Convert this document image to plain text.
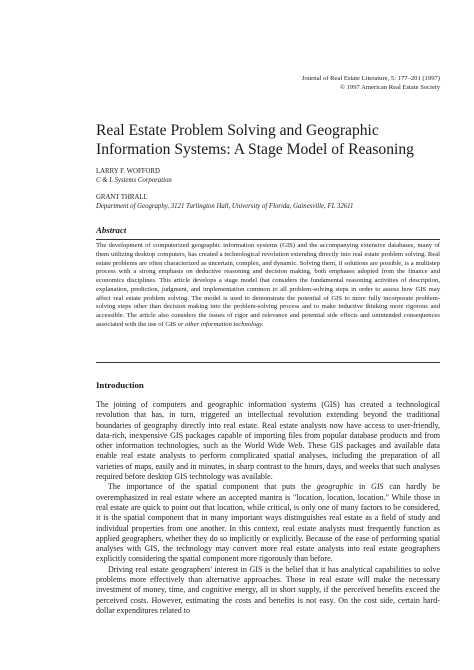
Journal of Real Estate Literature, 5: 177–201 (1997)
© 1997 American Real Estate Society
Real Estate Problem Solving and Geographic
Information Systems: A Stage Model of Reasoning
LARRY F. WOFFORD
C & L Systems Corporation
GRANT THRALL
Department of Geography, 3121 Turlington Hall, University of Florida, Gainesville, FL 32611
Abstract
The development of computerized geographic information systems (GIS) and the accompanying extensive databases, many of them utilizing desktop computers, has created a technological revolution extending directly into real estate problem solving. Real estate problems are often characterized as uncertain, complex, and dynamic. Solving them, if solutions are possible, is a multistep process with a strong emphasis on deductive reasoning and decision making, both emphases adopted from the finance and economics disciplines. This article develops a stage model that considers the fundamental reasoning activities of description, explanation, prediction, judgment, and implementation common to all problem-solving steps in order to assess how GIS may affect real estate problem solving. The model is used to demonstrate the potential of GIS to more fully incorporate problem-solving steps other than decision making into the problem-solving process and to make inductive thinking more rigorous and accessible. The article also considers the issues of rigor and relevance and potential side effects and unintended consequences associated with the use of GIS or other information technology.
Introduction

The joining of computers and geographic information systems (GIS) has created a technological revolution that has, in turn, triggered an intellectual revolution extending beyond the traditional boundaries of geography directly into real estate. Real estate analysts now have access to user-friendly, data-rich, inexpensive GIS packages capable of importing files from popular database products and from other information technologies, such as the World Wide Web. These GIS packages and available data enable real estate analysts to perform complicated spatial analyses, including the preparation of all varieties of maps, easily and in minutes, in sharp contrast to the hours, days, and weeks that such analyses required before desktop GIS technology was available.

The importance of the spatial component that puts the geographic in GIS can hardly be overemphasized in real estate where an accepted mantra is "location, location, location." While those in real estate are quick to point out that location, while critical, is only one of many factors to be considered, it is the spatial component that in many important ways distinguishes real estate as a field of study and individual properties from one another. In this context, real estate analysts must frequently function as applied geographers, whether they do so implicitly or explicitly. Because of the ease of performing spatial analyses with GIS, the technology may convert more real estate analysts into real estate geographers explicitly considering the spatial component more rigorously than before.

Driving real estate geographers' interest in GIS is the belief that it has analytical capabilities to solve problems more effectively than alternative approaches. Those in real estate will make the necessary investment of money, time, and cognitive energy, all in short supply, if the perceived benefits exceed the perceived costs. However, estimating the costs and benefits is not easy. On the cost side, certain hard-dollar expenditures related to
